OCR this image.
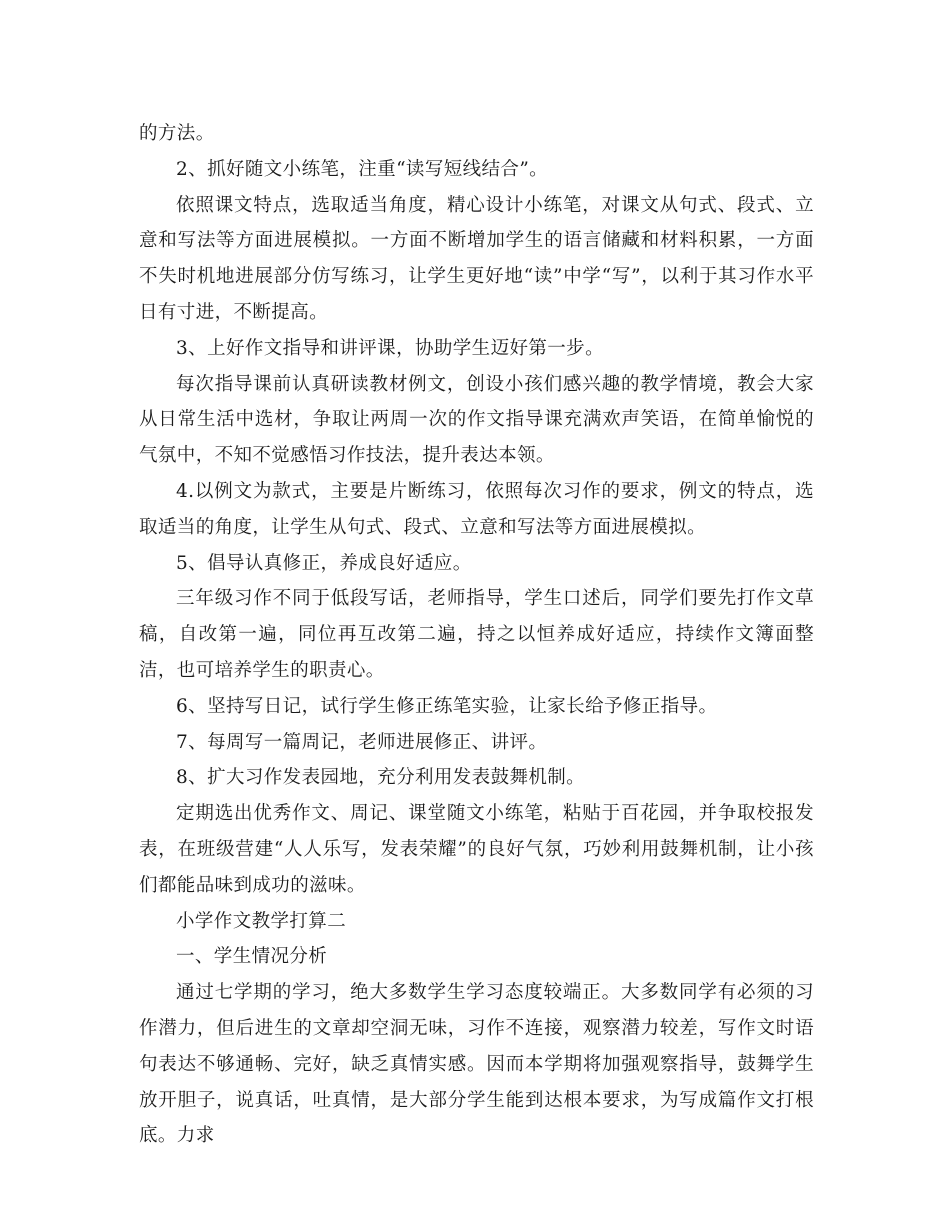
的方法。

2、抓好随文小练笔，注重“读写短线结合”。

依照课文特点，选取适当角度，精心设计小练笔，对课文从句式、段式、立意和写法等方面进展模拟。一方面不断增加学生的语言储藏和材料积累，一方面不失时机地进展部分仿写练习，让学生更好地“读”中学“写”，以利于其习作水平日有寸进，不断提高。

3、上好作文指导和讲评课，协助学生迈好第一步。

每次指导课前认真研读教材例文，创设小孩们感兴趣的教学情境，教会大家从日常生活中选材，争取让两周一次的作文指导课充满欢声笑语，在简单愉悦的气氛中，不知不觉感悟习作技法，提升表达本领。

4.以例文为款式，主要是片断练习，依照每次习作的要求，例文的特点，选取适当的角度，让学生从句式、段式、立意和写法等方面进展模拟。

5、倡导认真修正，养成良好适应。

三年级习作不同于低段写话，老师指导，学生口述后，同学们要先打作文草稿，自改第一遍，同位再互改第二遍，持之以恒养成好适应，持续作文簿面整洁，也可培养学生的职责心。

6、坚持写日记，试行学生修正练笔实验，让家长给予修正指导。

7、每周写一篇周记，老师进展修正、讲评。

8、扩大习作发表园地，充分利用发表鼓舞机制。

定期选出优秀作文、周记、课堂随文小练笔，粘贴于百花园，并争取校报发表，在班级营建“人人乐写，发表荣耀”的良好气氛，巧妙利用鼓舞机制，让小孩们都能品味到成功的滋味。

小学作文教学打算二

一、学生情况分析

通过七学期的学习，绝大多数学生学习态度较端正。大多数同学有必须的习作潜力，但后进生的文章却空洞无味，习作不连接，观察潜力较差，写作文时语句表达不够通畅、完好，缺乏真情实感。因而本学期将加强观察指导，鼓舞学生放开胆子，说真话，吐真情，是大部分学生能到达根本要求，为写成篇作文打根底。力求
